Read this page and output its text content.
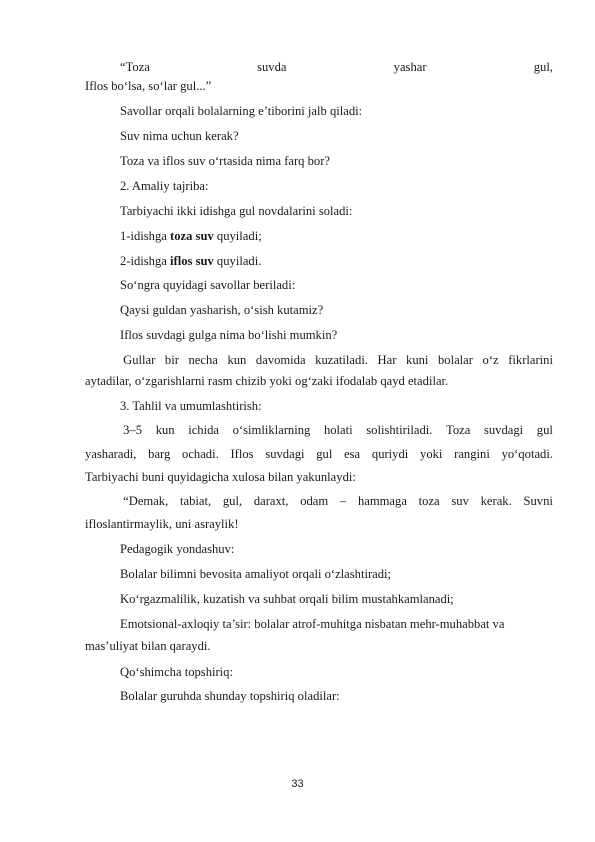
“Toza	suvda	yashar	gul,
Iflos bo‘lsa, so‘lar gul...”
Savollar orqali bolalarning e’tiborini jalb qiladi:
Suv nima uchun kerak?
Toza va iflos suv o‘rtasida nima farq bor?
2. Amaliy tajriba:
Tarbiyachi ikki idishga gul novdalarini soladi:
1-idishga toza suv quyiladi;
2-idishga iflos suv quyiladi.
So‘ngra quyidagi savollar beriladi:
Qaysi guldan yasharish, o‘sish kutamiz?
Iflos suvdagi gulga nima bo‘lishi mumkin?
Gullar bir necha kun davomida kuzatiladi. Har kuni bolalar o‘z fikrlarini
aytadilar, o‘zgarishlarni rasm chizib yoki og‘zaki ifodalab qayd etadilar.
3. Tahlil va umumlashtirish:
3–5 kun ichida o‘simliklarning holati solishtiriladi. Toza suvdagi gul
yasharadi, barg ochadi. Iflos suvdagi gul esa quriydi yoki rangini yo‘qotadi.
Tarbiyachi buni quyidagicha xulosa bilan yakunlaydi:
“Demak, tabiat, gul, daraxt, odam – hammaga toza suv kerak. Suvni
ifloslantirmaylik, uni asraylik!
Pedagogik yondashuv:
Bolalar bilimni bevosita amaliyot orqali o‘zlashtiradi;
Ko‘rgazmalilik, kuzatish va suhbat orqali bilim mustahkamlanadi;
Emotsional-axloqiy ta’sir: bolalar atrof-muhitga nisbatan mehr-muhabbat va
mas’uliyat bilan qaraydi.
Qo‘shimcha topshiriq:
Bolalar guruhda shunday topshiriq oladilar:
33
